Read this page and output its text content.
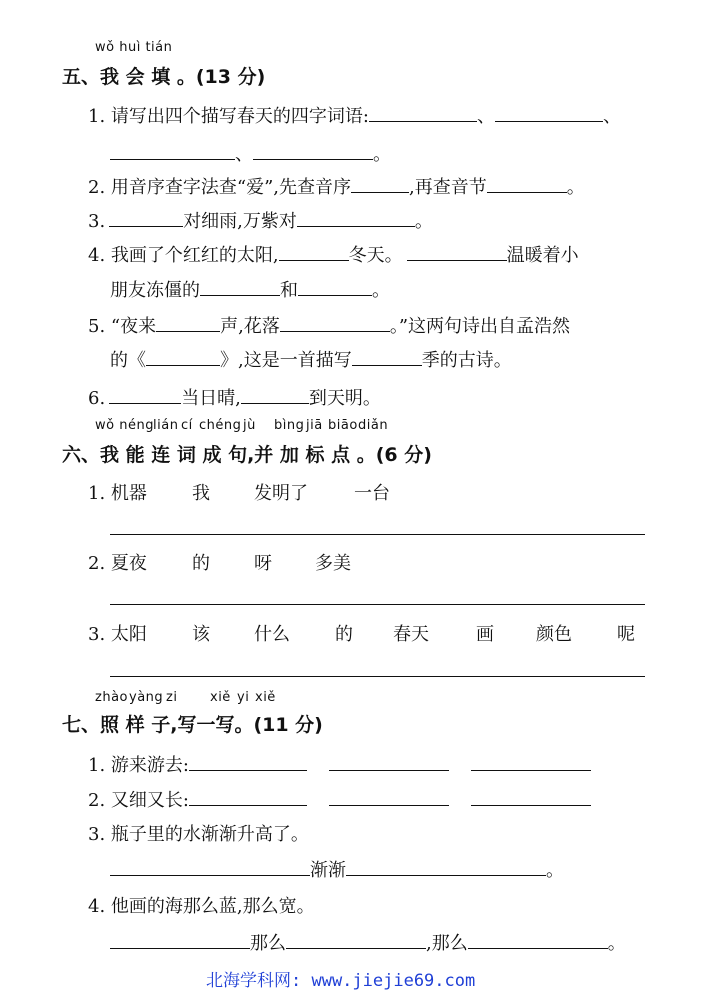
wǒ huì tián
五、我 会 填 。(13 分)
1. 请写出四个描写春天的四字词语:	、	、
、	。
2. 用音序查字法查“爱”,先查音序	,再查音节	。
3.	对细雨,万紫对	。
4. 我画了个红红的太阳,	冬天。	温暖着小
朋友冻僵的	和	。
5. “夜来	声,花落	。”这两句诗出自孟浩然
的《	》,这是一首描写	季的古诗。
6.	当日晴,	到天明。
wǒ néng lián cí chéng jù bìng jiā biāo diǎn
六、我 能 连 词 成 句,并 加 标 点 。(6 分)
1. 机器	我 发明了	一台
2. 夏夜	的 呀 多美
3. 太阳	该 什么	的 春天	画 颜色	呢
zhào yàng zi	xiě yi xiě
七、照 样 子,写一写。(11 分)
1. 游来游去:
2. 又细又长:
3. 瓶子里的水渐渐升高了。
渐渐	。
4. 他画的海那么蓝,那么宽。
那么	,那么	。
北海学科网: www.jiejie69.com
